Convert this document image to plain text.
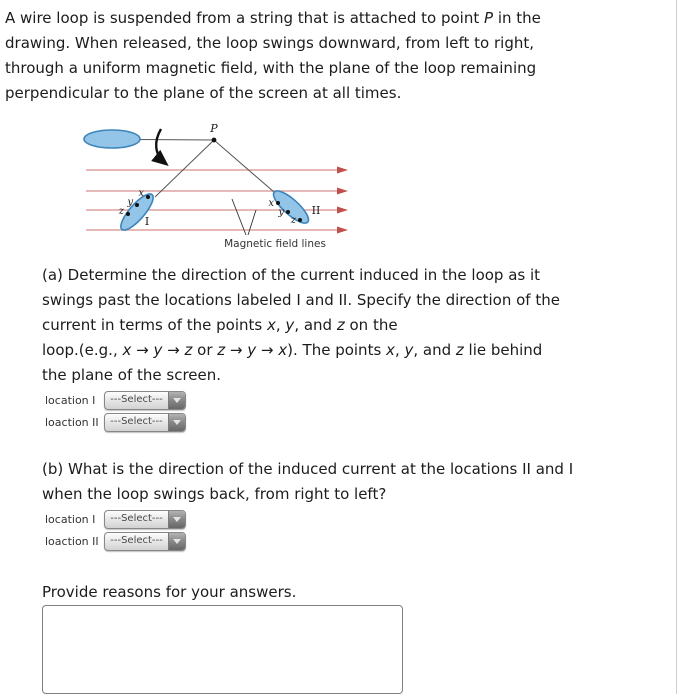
A wire loop is suspended from a string that is attached to point P in the
drawing. When released, the loop swings downward, from left to right,
through a uniform magnetic field, with the plane of the loop remaining
perpendicular to the plane of the screen at all times.
P
x
y
z
I
x
y
z
II
Magnetic field lines
(a) Determine the direction of the current induced in the loop as it
swings past the locations labeled I and II. Specify the direction of the
current in terms of the points x, y, and z on the
loop.(e.g., x → y → z or z → y → x). The points x, y, and z lie behind
the plane of the screen.
location I	---Select---
loaction II	---Select---
(b) What is the direction of the induced current at the locations II and I
when the loop swings back, from right to left?
location I	---Select---
loaction II	---Select---
Provide reasons for your answers.
